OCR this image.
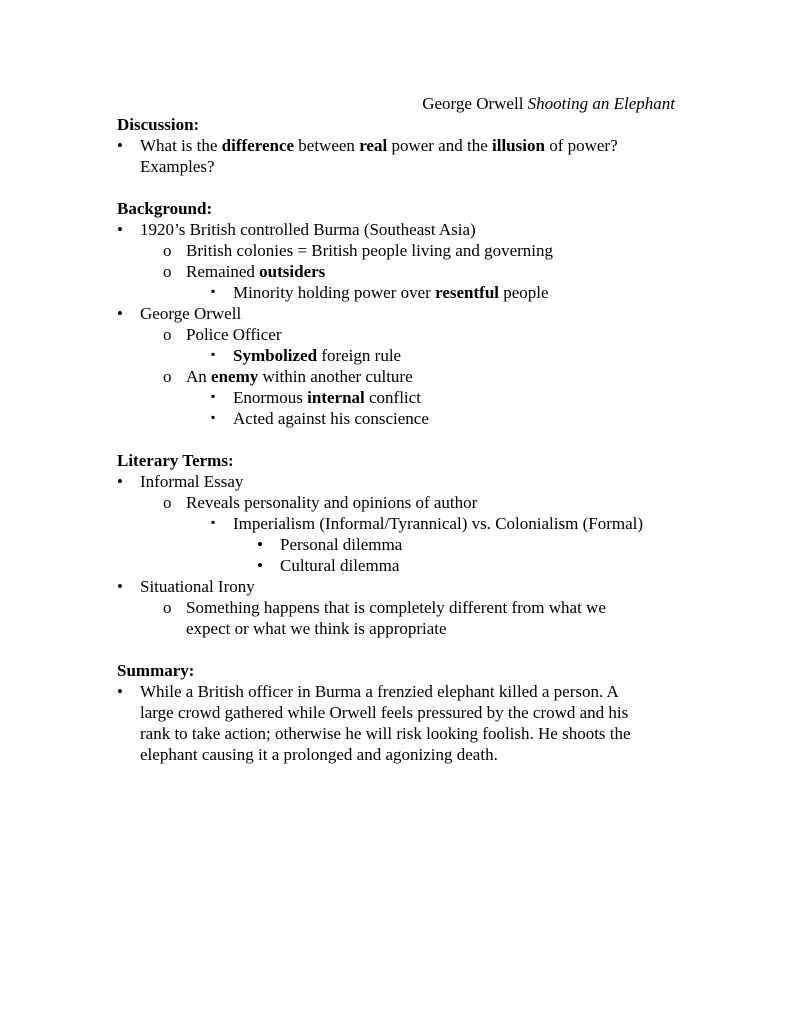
George Orwell Shooting an Elephant
Discussion:
• What is the difference between real power and the illusion of power?
Examples?
Background:
• 1920’s British controlled Burma (Southeast Asia)
o British colonies = British people living and governing
o Remained outsiders
▪ Minority holding power over resentful people
• George Orwell
o Police Officer
▪ Symbolized foreign rule
o An enemy within another culture
▪ Enormous internal conflict
▪ Acted against his conscience
Literary Terms:
• Informal Essay
o Reveals personality and opinions of author
▪ Imperialism (Informal/Tyrannical) vs. Colonialism (Formal)
• Personal dilemma
• Cultural dilemma
• Situational Irony
o Something happens that is completely different from what we
expect or what we think is appropriate
Summary:
• While a British officer in Burma a frenzied elephant killed a person. A
large crowd gathered while Orwell feels pressured by the crowd and his
rank to take action; otherwise he will risk looking foolish. He shoots the
elephant causing it a prolonged and agonizing death.
